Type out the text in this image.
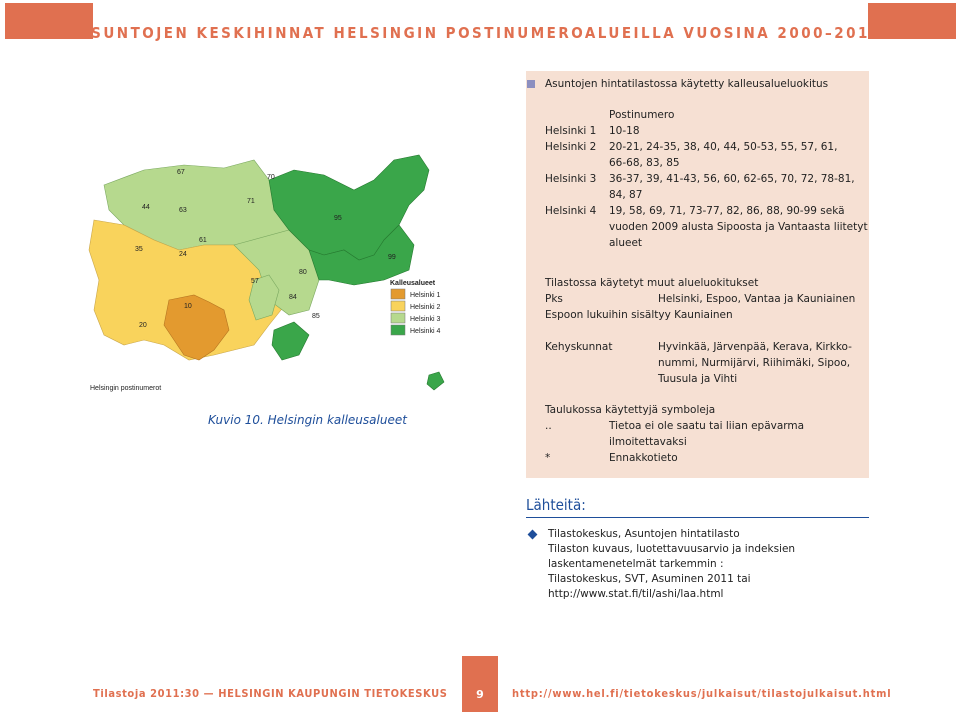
ASUNTOJEN KESKIHINNAT HELSINGIN POSTINUMEROALUEILLA VUOSINA 2000–2010
67
70
71
44	63
95
61
35
24	99
80
57
84
10
85
20
Kalleusalueet
Helsinki 1
Helsinki 2
Helsinki 3
Helsinki 4
Helsingin postinumerot
Kuvio 10. Helsingin kalleusalueet
Asuntojen hintatilastossa käytetty kalleusalueluokitus
Postinumero
Helsinki 1 10-18
Helsinki 2 20-21, 24-35, 38, 40, 44, 50-53, 55, 57, 61,
66-68, 83, 85
Helsinki 3 36-37, 39, 41-43, 56, 60, 62-65, 70, 72, 78-81,
84, 87
Helsinki 4 19, 58, 69, 71, 73-77, 82, 86, 88, 90-99 sekä
vuoden 2009 alusta Sipoosta ja Vantaasta liitetyt
alueet
Tilastossa käytetyt muut alueluokitukset
Pks	Helsinki, Espoo, Vantaa ja Kauniainen
Espoon lukuihin sisältyy Kauniainen
Kehyskunnat	Hyvinkää, Järvenpää, Kerava, Kirkko-
nummi, Nurmijärvi, Riihimäki, Sipoo,
Tuusula ja Vihti
Taulukossa käytettyjä symboleja
..	Tietoa ei ole saatu tai liian epävarma
ilmoitettavaksi
*	Ennakkotieto
Lähteitä:
Tilastokeskus, Asuntojen hintatilasto
Tilaston kuvaus, luotettavuusarvio ja indeksien
laskentamenetelmät tarkemmin :
Tilastokeskus, SVT, Asuminen 2011 tai
http://www.stat.fi/til/ashi/laa.html
Tilastoja 2011:30 — HELSINGIN KAUPUNGIN TIETOKESKUS	9	http://www.hel.fi/tietokeskus/julkaisut/tilastojulkaisut.html
